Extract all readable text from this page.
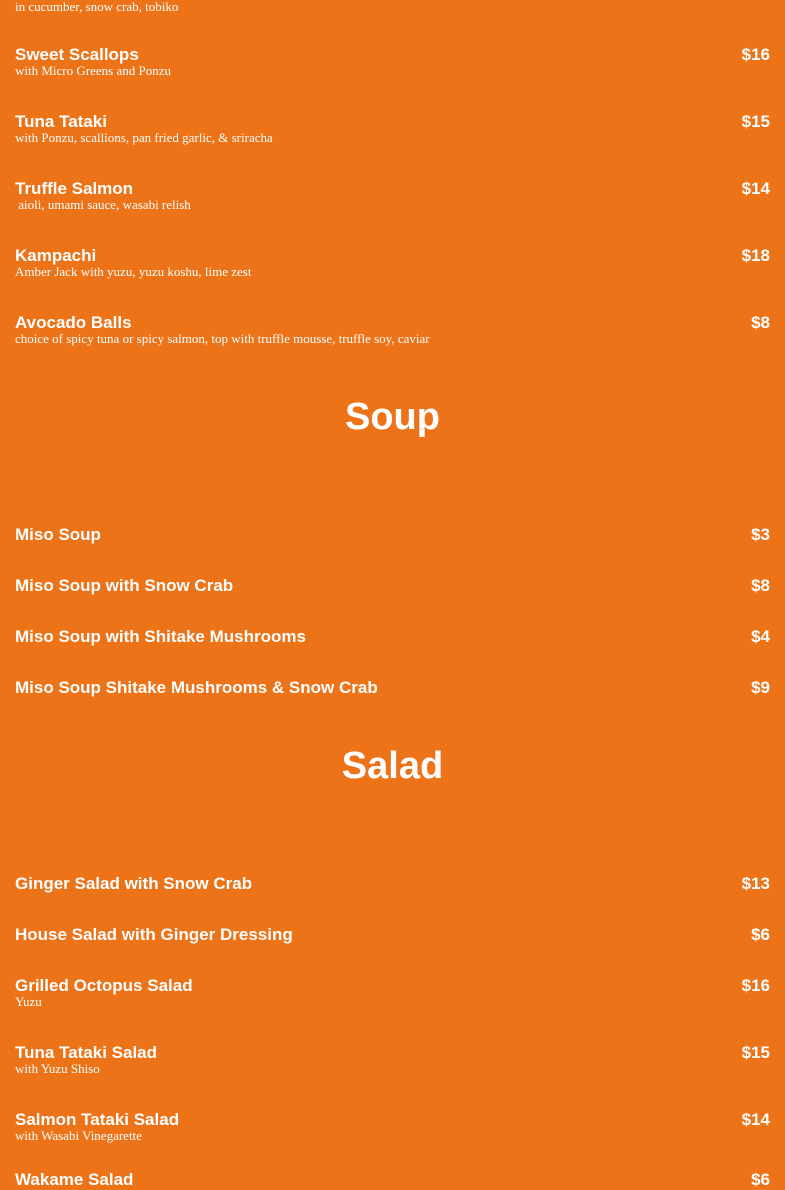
in cucumber, snow crab, tobiko
Sweet Scallops	$16
with Micro Greens and Ponzu
Tuna Tataki	$15
with Ponzu, scallions, pan fried garlic, & sriracha
Truffle Salmon	$14
aioli, umami sauce, wasabi relish
Kampachi	$18
Amber Jack with yuzu, yuzu koshu, lime zest
Avocado Balls	$8
choice of spicy tuna or spicy salmon, top with truffle mousse, truffle soy, caviar
Soup
Miso Soup	$3
Miso Soup with Snow Crab	$8
Miso Soup with Shitake Mushrooms	$4
Miso Soup Shitake Mushrooms & Snow Crab	$9
Salad
Ginger Salad with Snow Crab	$13
House Salad with Ginger Dressing	$6
Grilled Octopus Salad	$16
Yuzu
Tuna Tataki Salad	$15
with Yuzu Shiso
Salmon Tataki Salad	$14
with Wasabi Vinegarette
Wakame Salad	$6
